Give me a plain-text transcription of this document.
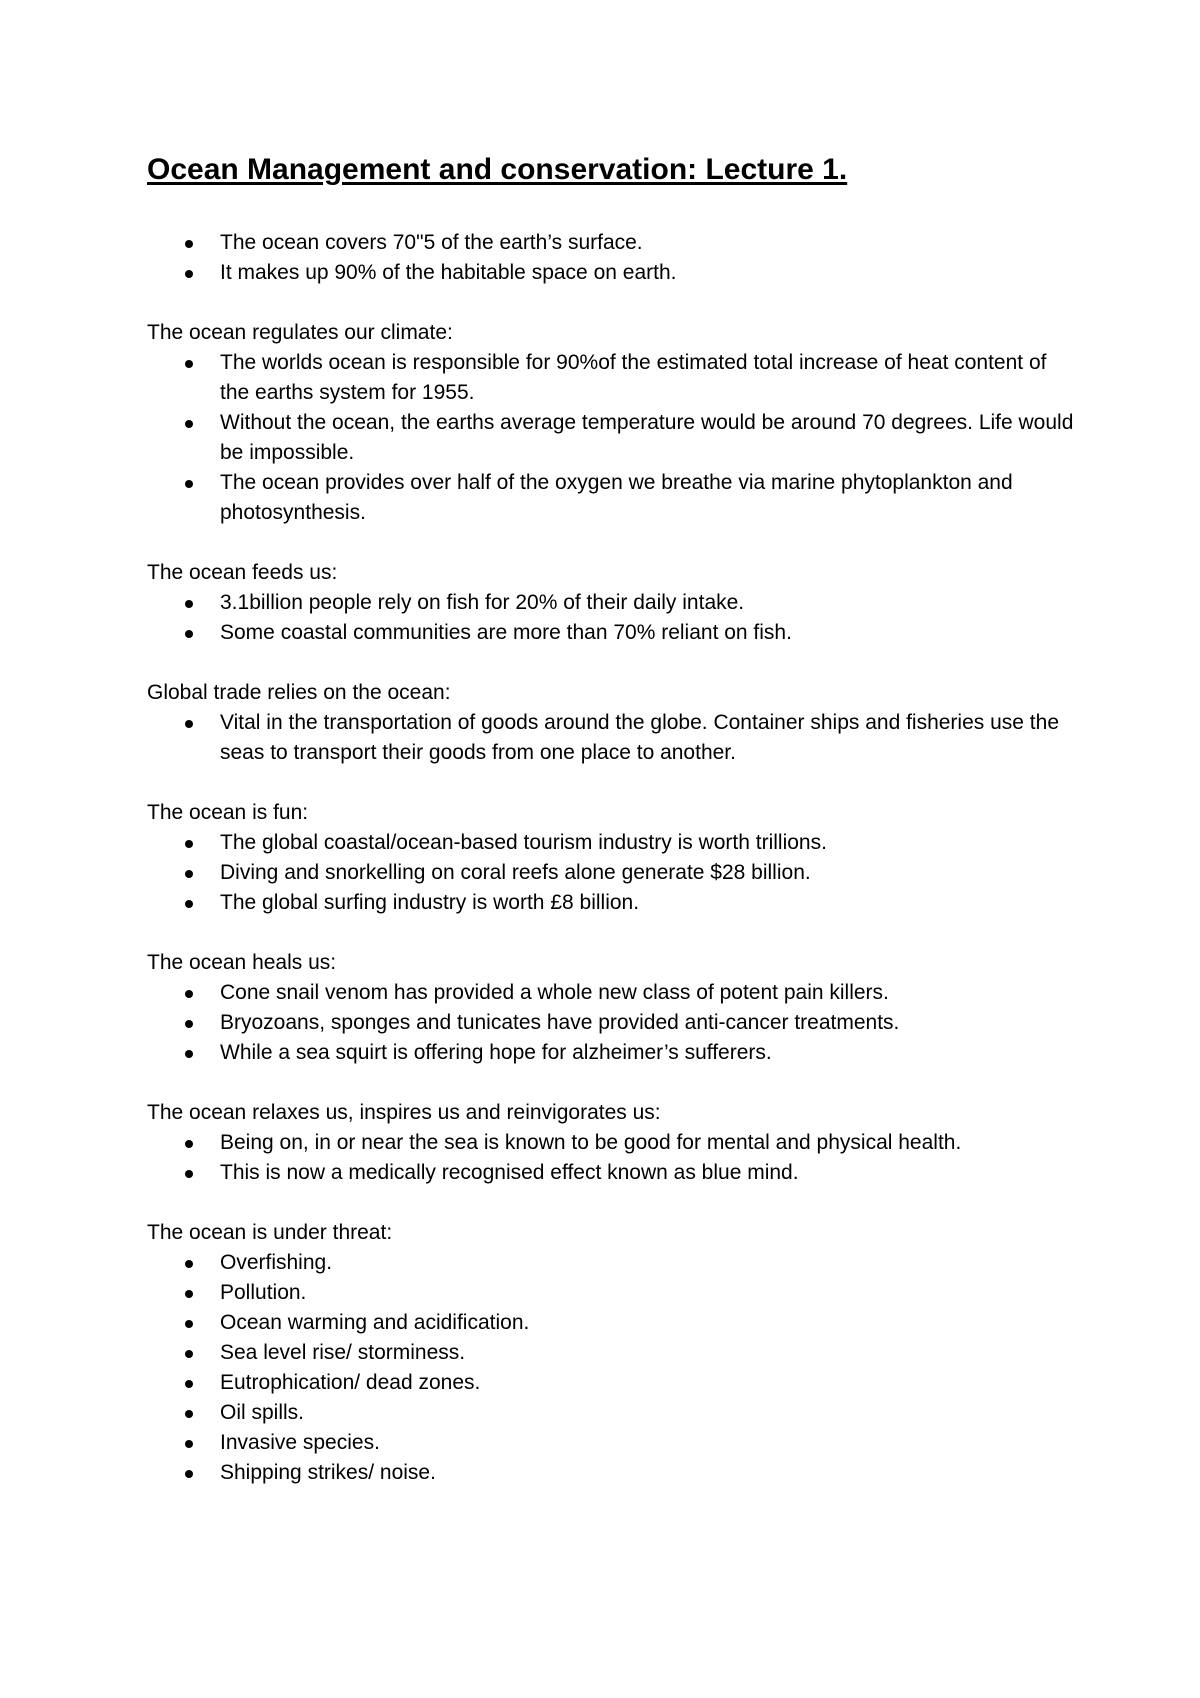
Ocean Management and conservation: Lecture 1.
The ocean covers 70"5 of the earth’s surface.
It makes up 90% of the habitable space on earth.

The ocean regulates our climate:

The worlds ocean is responsible for 90%of the estimated total increase of heat content of the earths system for 1955.
Without the ocean, the earths average temperature would be around 70 degrees. Life would be impossible.
The ocean provides over half of the oxygen we breathe via marine phytoplankton and photosynthesis.

The ocean feeds us:

3.1billion people rely on fish for 20% of their daily intake.
Some coastal communities are more than 70% reliant on fish.

Global trade relies on the ocean:

Vital in the transportation of goods around the globe. Container ships and fisheries use the seas to transport their goods from one place to another.

The ocean is fun:

The global coastal/ocean-based tourism industry is worth trillions.
Diving and snorkelling on coral reefs alone generate $28 billion.
The global surfing industry is worth £8 billion.

The ocean heals us:

Cone snail venom has provided a whole new class of potent pain killers.
Bryozoans, sponges and tunicates have provided anti-cancer treatments.
While a sea squirt is offering hope for alzheimer’s sufferers.

The ocean relaxes us, inspires us and reinvigorates us:

Being on, in or near the sea is known to be good for mental and physical health.
This is now a medically recognised effect known as blue mind.

The ocean is under threat:

Overfishing.
Pollution.
Ocean warming and acidification.
Sea level rise/ storminess.
Eutrophication/ dead zones.
Oil spills.
Invasive species.
Shipping strikes/ noise.
